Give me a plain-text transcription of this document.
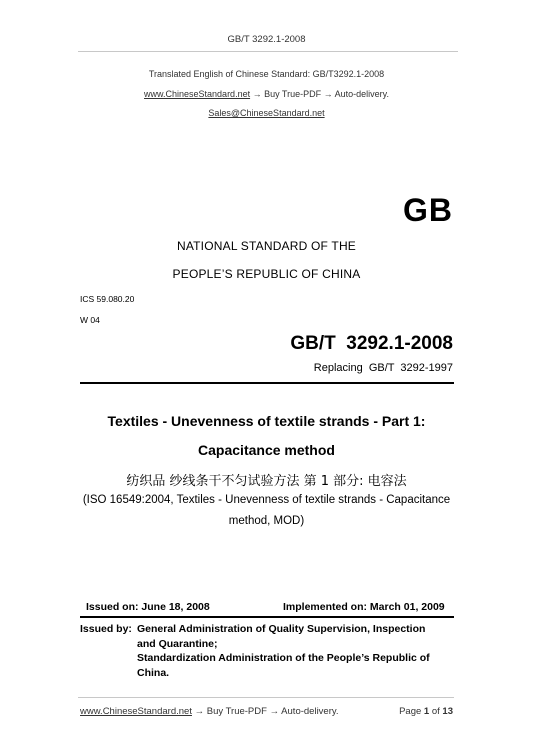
GB/T 3292.1-2008
Translated English of Chinese Standard: GB/T3292.1-2008
www.ChineseStandard.net → Buy True-PDF → Auto-delivery.
Sales@ChineseStandard.net
GB
NATIONAL STANDARD OF THE
PEOPLE’S REPUBLIC OF CHINA
ICS 59.080.20
W 04
GB/T  3292.1-2008
Replacing  GB/T  3292-1997
Textiles - Unevenness of textile strands - Part 1:
Capacitance method
纺织品 纱线条干不匀试验方法 第 1 部分: 电容法
(ISO 16549:2004, Textiles - Unevenness of textile strands - Capacitance
method, MOD)
Issued on: June 18, 2008	Implemented on: March 01, 2009
Issued by: General Administration of Quality Supervision, Inspection
and Quarantine;
Standardization Administration of the People’s Republic of
China.
www.ChineseStandard.net → Buy True-PDF → Auto-delivery.	Page 1 of 13
